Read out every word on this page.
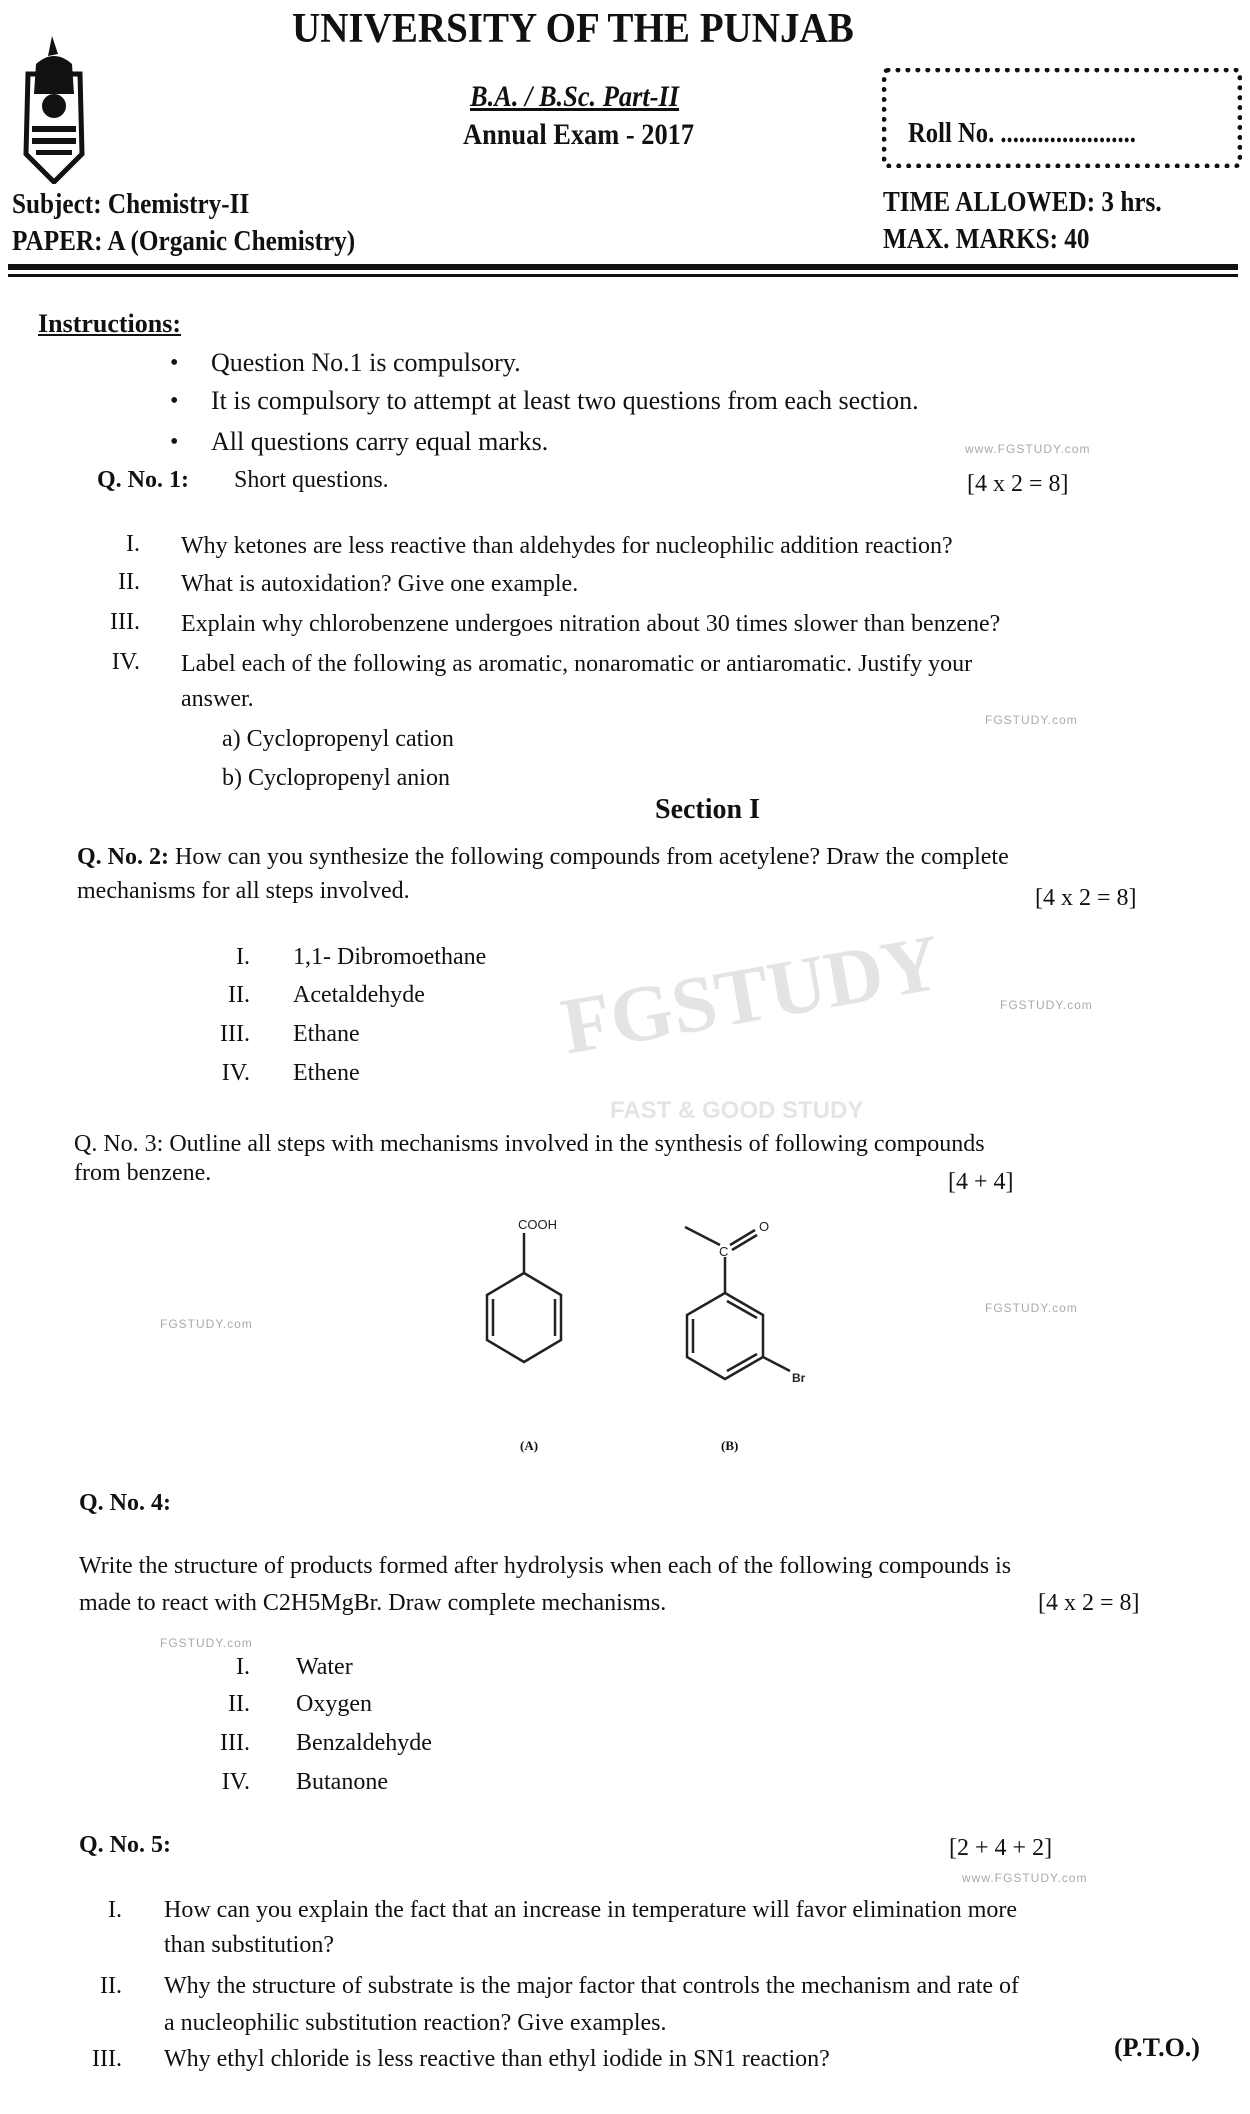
FGSTUDY
FAST & GOOD STUDY
www.FGSTUDY.com
FGSTUDY.com
FGSTUDY.com
FGSTUDY.com
FGSTUDY.com
FGSTUDY.com
www.FGSTUDY.com
UNIVERSITY OF THE PUNJAB
B.A. / B.Sc. Part-II
Annual Exam - 2017	Roll No. ......................
Subject: Chemistry-II
PAPER: A (Organic Chemistry)
TIME ALLOWED: 3 hrs.
MAX. MARKS: 40
Instructions:
• Question No.1 is compulsory.
• It is compulsory to attempt at least two questions from each section.
• All questions carry equal marks.
Q. No. 1: Short questions.	[4 x 2 = 8]
I. Why ketones are less reactive than aldehydes for nucleophilic addition reaction?
II. What is autoxidation? Give one example.
III. Explain why chlorobenzene undergoes nitration about 30 times slower than benzene?
IV. Label each of the following as aromatic, nonaromatic or antiaromatic. Justify your
answer.
a) Cyclopropenyl cation
b) Cyclopropenyl anion
Section I
Q. No. 2: How can you synthesize the following compounds from acetylene? Draw the complete
mechanisms for all steps involved.	[4 x 2 = 8]
I. 1,1- Dibromoethane
II. Acetaldehyde
III. Ethane
IV. Ethene
Q. No. 3: Outline all steps with mechanisms involved in the synthesis of following compounds
from benzene.	[4 + 4]
COOH
C
O
Br
(A)	(B)
Q. No. 4:
Write the structure of products formed after hydrolysis when each of the following compounds is
made to react with C2H5MgBr. Draw complete mechanisms.	[4 x 2 = 8]
I. Water
II. Oxygen
III. Benzaldehyde
IV. Butanone
Q. No. 5:	[2 + 4 + 2]
I. How can you explain the fact that an increase in temperature will favor elimination more
than substitution?
II. Why the structure of substrate is the major factor that controls the mechanism and rate of
a nucleophilic substitution reaction? Give examples.
III. Why ethyl chloride is less reactive than ethyl iodide in SN1 reaction?	(P.T.O.)
